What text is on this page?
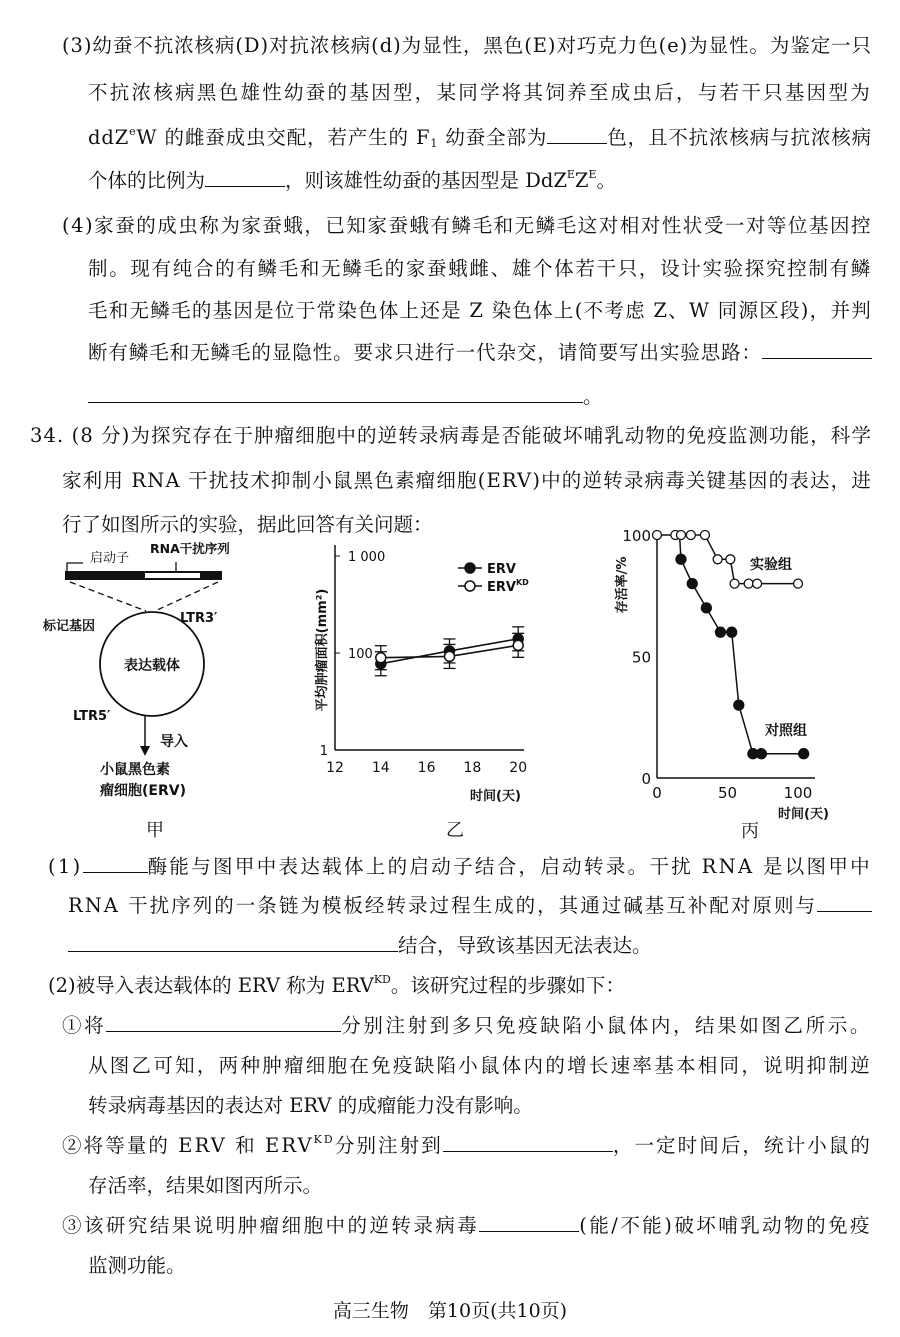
启动子
RNA干扰序列
标记基因
LTR3′
表达载体
LTR5′
导入
小鼠黑色素
瘤细胞(ERV)
甲
1
100
1 000
12 14 16 18 20
时间(天)
平均肿瘤面积(mm²)
ERV
$ERV^{KD}$
乙
0
50
100
0	50	100
时间(天)
存活率/%	实验组
对照组
丙
高三生物　第10页(共10页)
(3)幼蚕不抗浓核病(D)对抗浓核病(d)为显性，黑色(E)对巧克力色(e)为显性。为鉴定一只
不抗浓核病黑色雄性幼蚕的基因型，某同学将其饲养至成虫后，与若干只基因型为
ddZ$^e$W 的雌蚕成虫交配，若产生的 $F_1$ 幼蚕全部为	色，且不抗浓核病与抗浓核病
个体的比例为	，则该雄性幼蚕的基因型是 $DdZ^EZ^E$。
(4)家蚕的成虫称为家蚕蛾，已知家蚕蛾有鳞毛和无鳞毛这对相对性状受一对等位基因控
制。现有纯合的有鳞毛和无鳞毛的家蚕蛾雌、雄个体若干只，设计实验探究控制有鳞
毛和无鳞毛的基因是位于常染色体上还是 Z 染色体上(不考虑 Z、W 同源区段)，并判
断有鳞毛和无鳞毛的显隐性。要求只进行一代杂交，请简要写出实验思路：
。
34. (8 分)为探究存在于肿瘤细胞中的逆转录病毒是否能破坏哺乳动物的免疫监测功能，科学
家利用 RNA 干扰技术抑制小鼠黑色素瘤细胞(ERV)中的逆转录病毒关键基因的表达，进
行了如图所示的实验，据此回答有关问题：
(1)	酶能与图甲中表达载体上的启动子结合，启动转录。干扰 RNA 是以图甲中
RNA 干扰序列的一条链为模板经转录过程生成的，其通过碱基互补配对原则与
结合，导致该基因无法表达。
(2)被导入表达载体的 ERV 称为 $ERV^{KD}$。该研究过程的步骤如下：
①将	分别注射到多只免疫缺陷小鼠体内，结果如图乙所示。
从图乙可知，两种肿瘤细胞在免疫缺陷小鼠体内的增长速率基本相同，说明抑制逆
转录病毒基因的表达对 ERV 的成瘤能力没有影响。
②将等量的 ERV 和 $ERV^{KD}$分别注射到	，一定时间后，统计小鼠的
存活率，结果如图丙所示。
③该研究结果说明肿瘤细胞中的逆转录病毒	(能/不能)破坏哺乳动物的免疫
监测功能。
